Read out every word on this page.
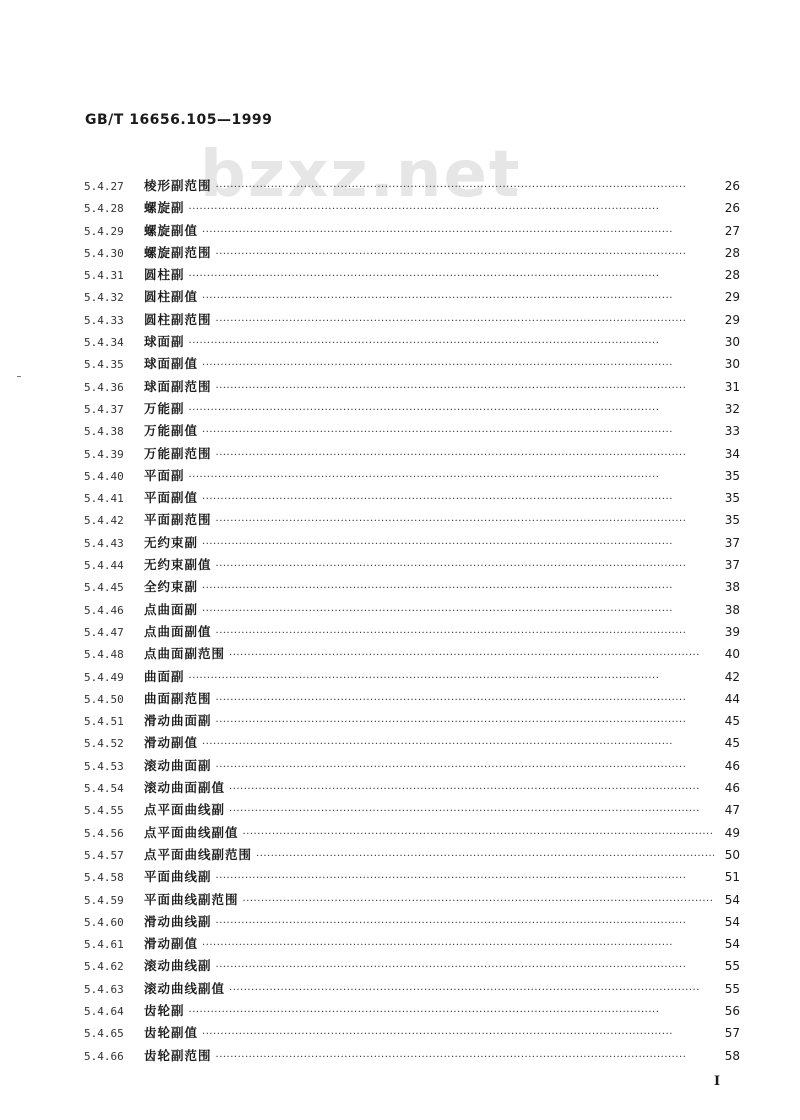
GB/T 16656.105—1999
bzxz.net
5.4.27	棱形副范围 ·····	26
5.4.28	螺旋副 ·····	26
5.4.29	螺旋副值 ·····	27
5.4.30	螺旋副范围 ·····	28
5.4.31	圆柱副 ·····	28
5.4.32	圆柱副值 ·····	29
5.4.33	圆柱副范围 ·····	29
5.4.34	球面副 ·····	30
5.4.35	球面副值 ·····	30
5.4.36	球面副范围 ·····	31
5.4.37	万能副 ·····	32
5.4.38	万能副值 ·····	33
5.4.39	万能副范围 ·····	34
5.4.40	平面副 ·····	35
5.4.41	平面副值 ·····	35
5.4.42	平面副范围 ·····	35
5.4.43	无约束副 ·····	37
5.4.44	无约束副值 ·····	37
5.4.45	全约束副 ·····	38
5.4.46	点曲面副 ·····	38
5.4.47	点曲面副值 ·····	39
5.4.48	点曲面副范围 ·····	40
5.4.49	曲面副 ·····	42
5.4.50	曲面副范围 ·····	44
5.4.51	滑动曲面副 ·····	45
5.4.52	滑动副值 ·····	45
5.4.53	滚动曲面副 ·····	46
5.4.54	滚动曲面副值 ·····	46
5.4.55	点平面曲线副 ·····	47
5.4.56	点平面曲线副值 ·····	49
5.4.57	点平面曲线副范围 ·····	50
5.4.58	平面曲线副 ·····	51
5.4.59	平面曲线副范围 ·····	54
5.4.60	滑动曲线副 ·····	54
5.4.61	滑动副值 ·····	54
5.4.62	滚动曲线副 ·····	55
5.4.63	滚动曲线副值 ·····	55
5.4.64	齿轮副 ·····	56
5.4.65	齿轮副值 ·····	57
5.4.66	齿轮副范围 ·····	58
I
